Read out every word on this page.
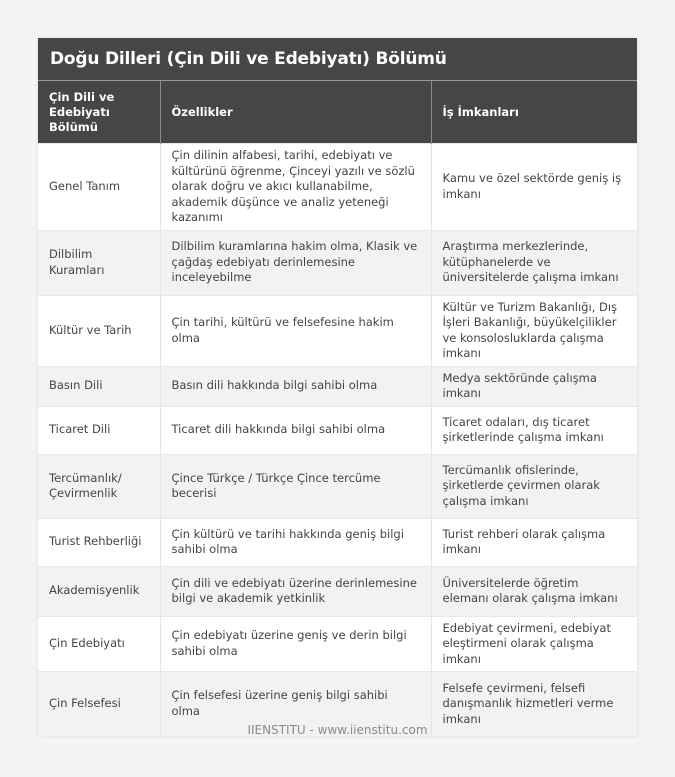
Doğu Dilleri (Çin Dili ve Edebiyatı) Bölümü
Çin Dili ve Edebiyatı Bölümü	Özellikler	İş İmkanları
Genel Tanım	Çin dilinin alfabesi, tarihi, edebiyatı ve kültürünü öğrenme, Çinceyi yazılı ve sözlü olarak doğru ve akıcı kullanabilme, akademik düşünce ve analiz yeteneği kazanımı	Kamu ve özel sektörde geniş iş imkanı
Dilbilim Kuramları	Dilbilim kuramlarına hakim olma, Klasik ve çağdaş edebiyatı derinlemesine inceleyebilme	Araştırma merkezlerinde, kütüphanelerde ve üniversitelerde çalışma imkanı
Kültür ve Tarih	Çin tarihi, kültürü ve felsefesine hakim olma	Kültür ve Turizm Bakanlığı, Dış İşleri Bakanlığı, büyükelçilikler ve konsolosluklarda çalışma imkanı
Basın Dili	Basın dili hakkında bilgi sahibi olma	Medya sektöründe çalışma imkanı
Ticaret Dili	Ticaret dili hakkında bilgi sahibi olma	Ticaret odaları, dış ticaret şirketlerinde çalışma imkanı
Tercümanlık/ Çevirmenlik	Çince Türkçe / Türkçe Çince tercüme becerisi	Tercümanlık ofislerinde, şirketlerde çevirmen olarak çalışma imkanı
Turist Rehberliği	Çin kültürü ve tarihi hakkında geniş bilgi sahibi olma	Turist rehberi olarak çalışma imkanı
Akademisyenlik	Çin dili ve edebiyatı üzerine derinlemesine bilgi ve akademik yetkinlik	Üniversitelerde öğretim elemanı olarak çalışma imkanı
Çin Edebiyatı	Çin edebiyatı üzerine geniş ve derin bilgi sahibi olma	Edebiyat çevirmeni, edebiyat eleştirmeni olarak çalışma imkanı
Çin Felsefesi	Çin felsefesi üzerine geniş bilgi sahibi olma	Felsefe çevirmeni, felsefi danışmanlık hizmetleri verme imkanı
IIENSTITU - www.iienstitu.com
